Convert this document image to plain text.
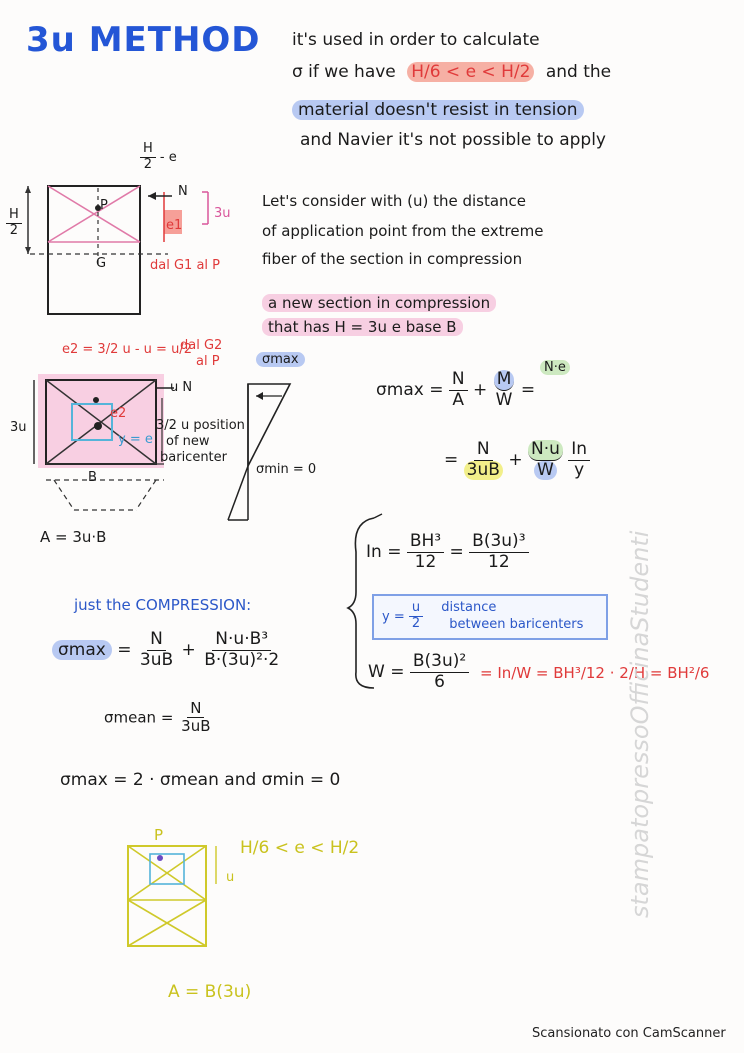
3u METHOD it's used in order to calculate
σ if we have H/6 < e < H/2 and the
material doesn't resist in tension
and Navier it's not possible to apply
$\frac{H}{2}$ - e
$\frac{H}{2}$
N
P
G
e1
3u
dal G1 al P
Let's consider with (u) the distance
of application point from the extreme
fiber of the section in compression
a new section in compression
that has H = 3u e base B
e2 = 3/2 u - u = u/2
dal G2
al P
3u
u N
3/2 u position
of new
baricenter
e2
y = e
B
A = 3u·B
σmax
σmin = 0
$\sigma\max = \frac{N}{A} + \frac{M}{W}$ =
N·e
= $\frac{N}{3uB} + \frac{N\cdot u}{W}$
$\frac{In}{y}$
$In = \frac{\text{BH³}}{12} = \frac{\text{B(3u)³}}{12}$
$y = \frac{u}{2}$ distance
between baricenters
$W = \frac{\text{B(3u)²}}{6} = In/W = BH^3/12 \cdot 2/H = BH^2/6$
just the COMPRESSION:
$\sigma\max = \frac{N}{3uB} + \frac{\text{N·u·B³}}{\text{B·(3u)²·2}}$
σmean = $\frac{N}{3uB}$
σmax = 2 · σmean and σmin = 0
P
H/6 < e < H/2
u
A = B(3u)
stampatopressoOfficinaStudenti
Scansionato con CamScanner
